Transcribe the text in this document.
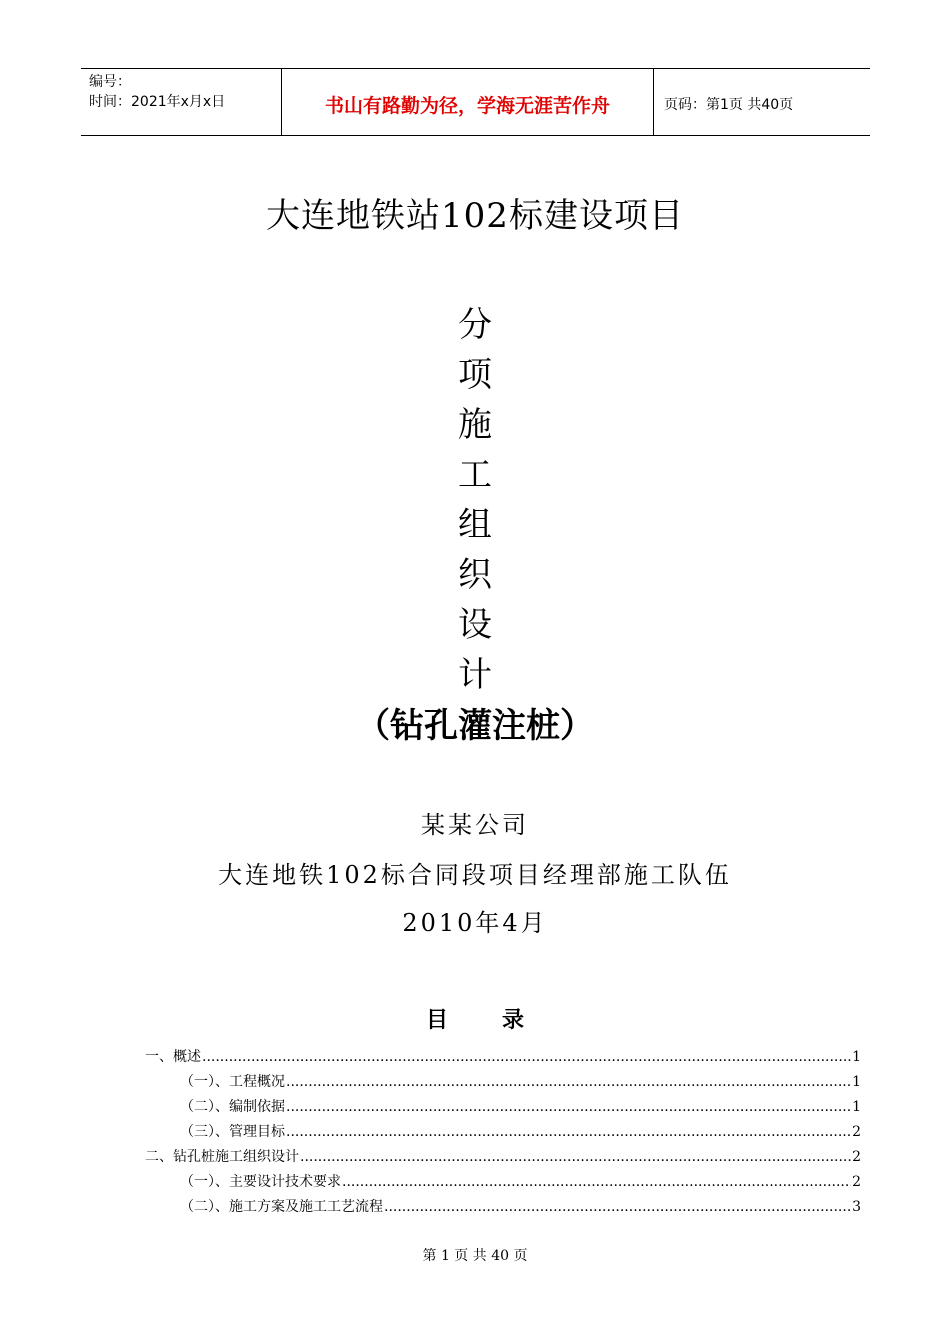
编号：
时间：2021年x月x日	书山有路勤为径，学海无涯苦作舟	页码：第1页 共40页
大连地铁站102标建设项目
分
项
施
工
组
织
设
计
（钻孔灌注桩）
某某公司
大连地铁102标合同段项目经理部施工队伍
2010年4月
目 录
一、概述 .....	1
（一）、工程概况 .....	1
（二）、编制依据 .....	1
（三）、管理目标 .....	2
二、钻孔桩施工组织设计 .....	2
（一）、主要设计技术要求 .....	2
（二）、施工方案及施工工艺流程 .....	3
第 1 页 共 40 页
